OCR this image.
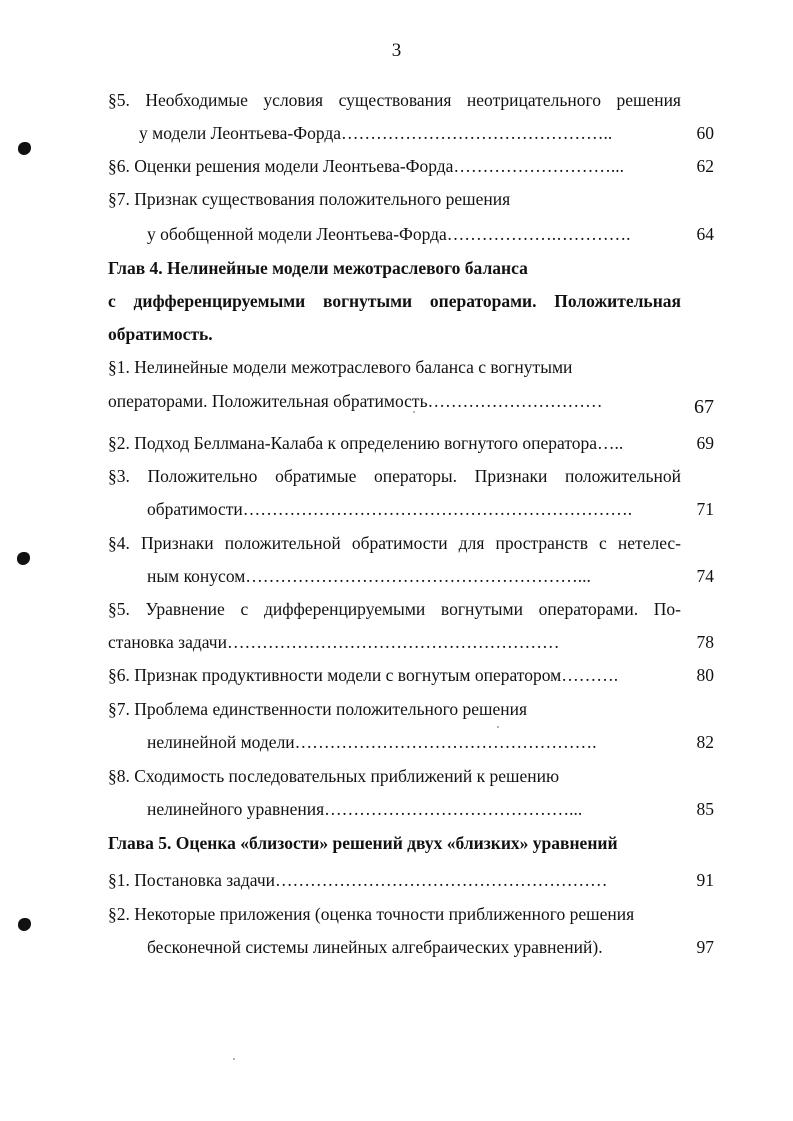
3
§5. Необходимые условия существования неотрицательного решения
у модели Леонтьева-Форда………………………………………..	60
§6. Оценки решения модели Леонтьева-Форда………………………...	62
§7. Признак существования положительного решения
у обобщенной модели Леонтьева-Форда……………….………….	64
Глав 4. Нелинейные модели межотраслевого баланса
с дифференцируемыми вогнутыми операторами. Положительная
обратимость.
§1. Нелинейные модели межотраслевого баланса с вогнутыми
операторами. Положительная обратимость…………………………	67
§2. Подход Беллмана-Калаба к определению вогнутого оператора…..	69
§3. Положительно обратимые операторы. Признаки положительной
обратимости………………………………………………………….	71
§4. Признаки положительной обратимости для пространств с нетелес-
ным конусом…………………………………………………...	74
§5. Уравнение с дифференцируемыми вогнутыми операторами. По-
становка задачи…………………………………………………	78
§6. Признак продуктивности модели с вогнутым оператором……….	80
§7. Проблема единственности положительного решения
нелинейной модели…………………………………………….	82
§8. Сходимость последовательных приближений к решению
нелинейного уравнения……………………………………...	85
Глава 5. Оценка «близости» решений двух «близких» уравнений
§1. Постановка задачи…………………………………………………	91
§2. Некоторые приложения (оценка точности приближенного решения
бесконечной системы линейных алгебраических уравнений).	97
